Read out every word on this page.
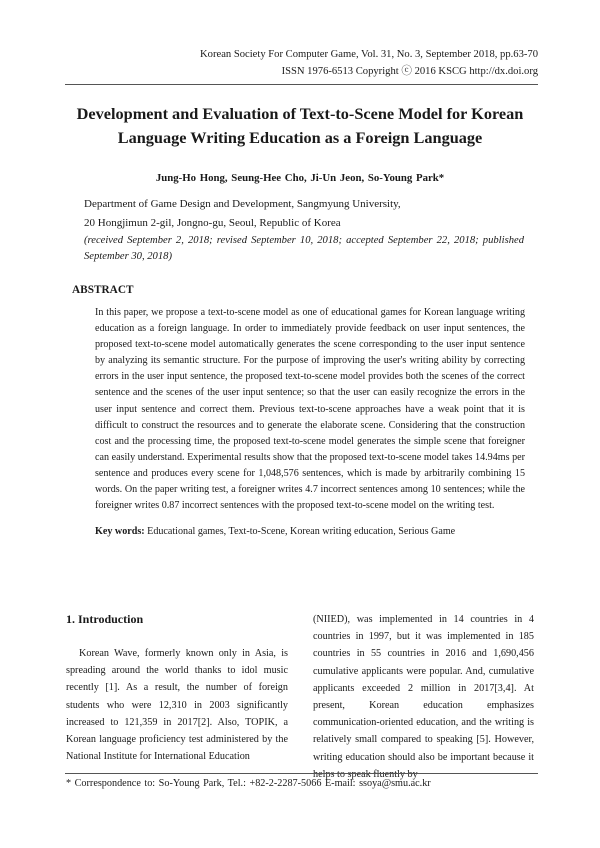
Korean Society For Computer Game, Vol. 31, No. 3, September 2018, pp.63-70
ISSN 1976-6513 Copyright ⓒ 2016 KSCG http://dx.doi.org
Development and Evaluation of Text-to-Scene Model for Korean
Language Writing Education as a Foreign Language
Jung-Ho Hong, Seung-Hee Cho, Ji-Un Jeon, So-Young Park*
Department of Game Design and Development, Sangmyung University,
20 Hongjimun 2-gil, Jongno-gu, Seoul, Republic of Korea
(received September 2, 2018; revised September 10, 2018; accepted September 22, 2018; published September 30, 2018)
ABSTRACT
In this paper, we propose a text-to-scene model as one of educational games for Korean language writing education as a foreign language. In order to immediately provide feedback on user input sentences, the proposed text-to-scene model automatically generates the scene corresponding to the user input sentence by analyzing its semantic structure. For the purpose of improving the user's writing ability by correcting errors in the user input sentence, the proposed text-to-scene model provides both the scenes of the correct sentence and the scenes of the user input sentence; so that the user can easily recognize the errors in the user input sentence and correct them. Previous text-to-scene approaches have a weak point that it is difficult to construct the resources and to generate the elaborate scene. Considering that the construction cost and the processing time, the proposed text-to-scene model generates the simple scene that foreigner can easily understand. Experimental results show that the proposed text-to-scene model takes 14.94ms per sentence and produces every scene for 1,048,576 sentences, which is made by arbitrarily combining 15 words. On the paper writing test, a foreigner writes 4.7 incorrect sentences among 10 sentences; while the foreigner writes 0.87 incorrect sentences with the proposed text-to-scene model on the writing test.
Key words: Educational games, Text-to-Scene, Korean writing education, Serious Game
1. Introduction
Korean Wave, formerly known only in Asia, is spreading around the world thanks to idol music recently [1]. As a result, the number of foreign students who were 12,310 in 2003 significantly increased to 121,359 in 2017[2]. Also, TOPIK, a Korean language proficiency test administered by the National Institute for International Education
(NIIED), was implemented in 14 countries in 4 countries in 1997, but it was implemented in 185 countries in 55 countries in 2016 and 1,690,456 cumulative applicants were popular. And, cumulative applicants exceeded 2 million in 2017[3,4]. At present, Korean education emphasizes communication-oriented education, and the writing is relatively small compared to speaking [5]. However, writing education should also be important because it helps to speak fluently by
* Correspondence to: So-Young Park, Tel.: +82-2-2287-5066 E-mail: ssoya@smu.ac.kr
